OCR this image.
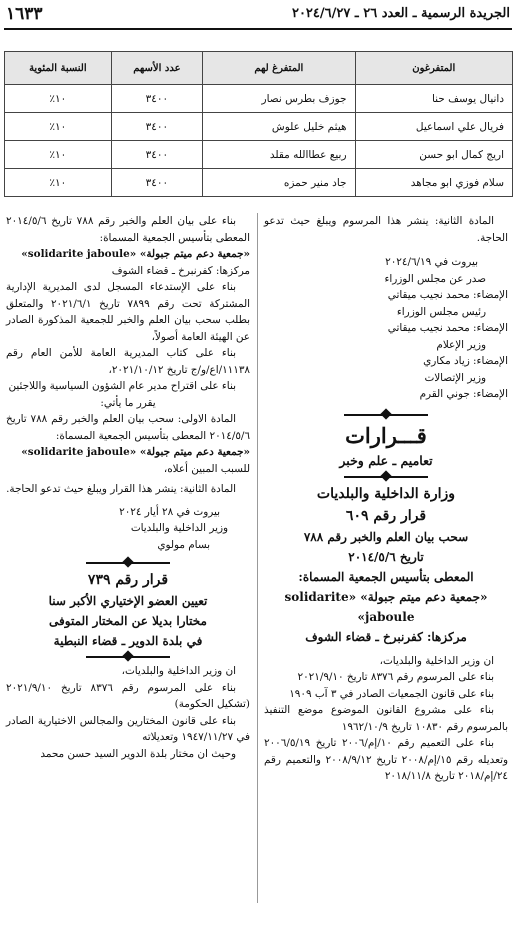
الجريدة الرسمية ـ العدد ٢٦ ـ ٢٠٢٤/٦/٢٧
١٦٣٣
المتفرغون	المتفرغ لهم	عدد الأسهم	النسبة المئوية
دانيال يوسف حنا	جوزف بطرس نصار	٣٤٠٠	١٠٪
فريال علي اسماعيل	هيثم خليل علوش	٣٤٠٠	١٠٪
اريج كمال ابو حسن	ربيع عطاالله مقلد	٣٤٠٠	١٠٪
سلام فوزي ابو مجاهد	جاد منير حمزه	٣٤٠٠	١٠٪

المادة الثانية: ينشر هذا المرسوم ويبلغ حيث تدعو الحاجة.

بيروت في ٢٠٢٤/٦/١٩

صدر عن مجلس الوزراء

الإمضاء: محمد نجيب ميقاتي

رئيس مجلس الوزراء

الإمضاء: محمد نجيب ميقاتي

وزير الإعلام

الإمضاء: زياد مكاري

وزير الإتصالات

الإمضاء: جوني القرم

قـــرارات

تعاميم ـ علم وخبر

وزارة الداخلية والبلديات

قرار رقم ٦٠٩

سحب بيان العلم والخبر رقم ٧٨٨

تاريخ ٢٠١٤/٥/٦

المعطى بتأسيس الجمعية المسماة:

«جمعية دعم ميتم جبولة» «solidarite jaboule»

مركزها: كفرنبرخ ـ قضاء الشوف

ان وزير الداخلية والبلديات،

بناء على المرسوم رقم ٨٣٧٦ تاريخ ٢٠٢١/٩/١٠

بناء على قانون الجمعيات الصادر في ٣ آب ١٩٠٩

بناء على مشروع القانون الموضوع موضع التنفيذ بالمرسوم رقم ١٠٨٣٠ تاريخ ١٩٦٢/١٠/٩

بناء على التعميم رقم ١٠/إم/٢٠٠٦ تاريخ ٢٠٠٦/٥/١٩ وتعديله رقم ١٥/إم/٢٠٠٨ تاريخ ٢٠٠٨/٩/١٢ والتعميم رقم ٢٤/إم/٢٠١٨ تاريخ ٢٠١٨/١١/٨

بناء على بيان العلم والخبر رقم ٧٨٨ تاريخ ٢٠١٤/٥/٦ المعطى بتأسيس الجمعية المسماة:

«جمعية دعم ميتم جبولة» «solidarite jaboule»

مركزها: كفرنبرخ ـ قضاء الشوف

بناء على الإستدعاء المسجل لدى المديرية الإدارية المشتركة تحت رقم ٧٨٩٩ تاريخ ٢٠٢١/٦/١ والمتعلق بطلب سحب بيان العلم والخبر للجمعية المذكورة الصادر عن الهيئة العامة أصولاً،

بناء على كتاب المديرية العامة للأمن العام رقم ١١١٣٨/اع/و/ج تاريخ ٢٠٢١/١٠/١٢،

بناء على اقتراح مدير عام الشؤون السياسية واللاجئين

يقرر ما يأتي:

المادة الاولى: سحب بيان العلم والخبر رقم ٧٨٨ تاريخ ٢٠١٤/٥/٦ المعطى بتأسيس الجمعية المسماة:

«جمعية دعم ميتم جبولة» «solidarite jaboule»

للسبب المبين أعلاه،

المادة الثانية: ينشر هذا القرار ويبلغ حيث تدعو الحاجة.

بيروت في ٢٨ أيار ٢٠٢٤

وزير الداخلية والبلديات

بسام مولوي

قرار رقم ٧٣٩

تعيين العضو الإختياري الأكبر سنا

مختارا بديلا عن المختار المتوفى

في بلدة الدوير ـ قضاء النبطية

ان وزير الداخلية والبلديات،

بناء على المرسوم رقم ٨٣٧٦ تاريخ ٢٠٢١/٩/١٠ (تشكيل الحكومة)

بناء على قانون المختارين والمجالس الاختيارية الصادر في ١٩٤٧/١١/٢٧ وتعديلاته

وحيث ان مختار بلدة الدوير السيد حسن محمد
